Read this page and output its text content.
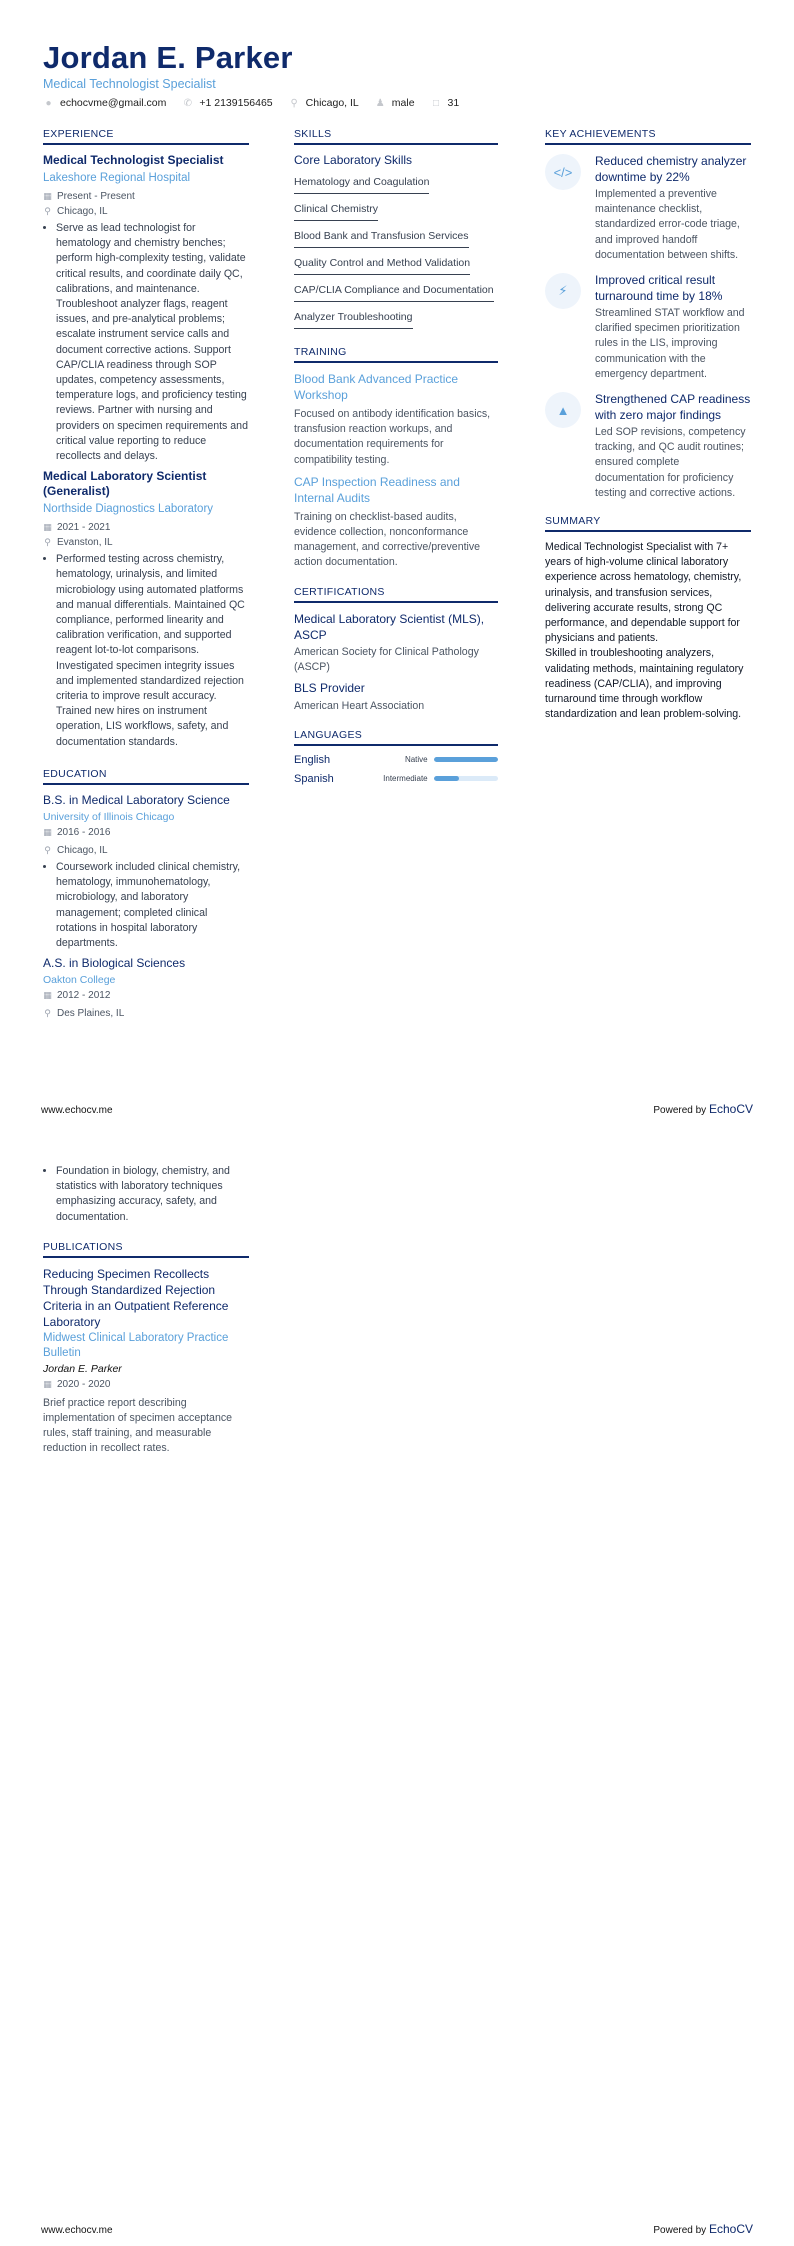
Jordan E. Parker
Medical Technologist Specialist
● echocvme@gmail.com ✆ +1 2139156465 ⚲ Chicago, IL ♟ male □ 31
EXPERIENCE
Medical Technologist Specialist
Lakeshore Regional Hospital
▦ Present - Present
⚲ Chicago, IL
• Serve as lead technologist for hematology and chemistry benches; perform high-complexity testing, validate critical results, and coordinate daily QC, calibrations, and maintenance. Troubleshoot analyzer flags, reagent issues, and pre-analytical problems; escalate instrument service calls and document corrective actions. Support CAP/CLIA readiness through SOP updates, competency assessments, temperature logs, and proficiency testing reviews. Partner with nursing and providers on specimen requirements and critical value reporting to reduce recollects and delays.
Medical Laboratory Scientist (Generalist)
Northside Diagnostics Laboratory
▦ 2021 - 2021
⚲ Evanston, IL
• Performed testing across chemistry, hematology, urinalysis, and limited microbiology using automated platforms and manual differentials. Maintained QC compliance, performed linearity and calibration verification, and supported reagent lot-to-lot comparisons. Investigated specimen integrity issues and implemented standardized rejection criteria to improve result accuracy. Trained new hires on instrument operation, LIS workflows, safety, and documentation standards.
EDUCATION
B.S. in Medical Laboratory Science
University of Illinois Chicago
▦ 2016 - 2016
⚲ Chicago, IL
• Coursework included clinical chemistry, hematology, immunohematology, microbiology, and laboratory management; completed clinical rotations in hospital laboratory departments.
A.S. in Biological Sciences
Oakton College
▦ 2012 - 2012
⚲ Des Plaines, IL
SKILLS
Core Laboratory Skills
Hematology and Coagulation
Clinical Chemistry
Blood Bank and Transfusion Services
Quality Control and Method Validation
CAP/CLIA Compliance and Documentation
Analyzer Troubleshooting
TRAINING
Blood Bank Advanced Practice Workshop
Focused on antibody identification basics, transfusion reaction workups, and documentation requirements for compatibility testing.
CAP Inspection Readiness and Internal Audits
Training on checklist-based audits, evidence collection, nonconformance management, and corrective/preventive action documentation.
CERTIFICATIONS
Medical Laboratory Scientist (MLS), ASCP
American Society for Clinical Pathology (ASCP)
BLS Provider
American Heart Association
LANGUAGES
English	Native
Spanish	Intermediate
KEY ACHIEVEMENTS
</>
Reduced chemistry analyzer downtime by 22%
Implemented a preventive maintenance checklist, standardized error-code triage, and improved handoff documentation between shifts.
⚡
Improved critical result turnaround time by 18%
Streamlined STAT workflow and clarified specimen prioritization rules in the LIS, improving communication with the emergency department.
▲
Strengthened CAP readiness with zero major findings
Led SOP revisions, competency tracking, and QC audit routines; ensured complete documentation for proficiency testing and corrective actions.
SUMMARY
Medical Technologist Specialist with 7+ years of high-volume clinical laboratory experience across hematology, chemistry, urinalysis, and transfusion services, delivering accurate results, strong QC performance, and dependable support for physicians and patients.
Skilled in troubleshooting analyzers, validating methods, maintaining regulatory readiness (CAP/CLIA), and improving turnaround time through workflow standardization and lean problem-solving.
www.echocv.me	Powered by EchoCV
• Foundation in biology, chemistry, and statistics with laboratory techniques emphasizing accuracy, safety, and documentation.
PUBLICATIONS
Reducing Specimen Recollects Through Standardized Rejection Criteria in an Outpatient Reference Laboratory
Midwest Clinical Laboratory Practice Bulletin
Jordan E. Parker
▦ 2020 - 2020
Brief practice report describing implementation of specimen acceptance rules, staff training, and measurable reduction in recollect rates.
www.echocv.me	Powered by EchoCV
